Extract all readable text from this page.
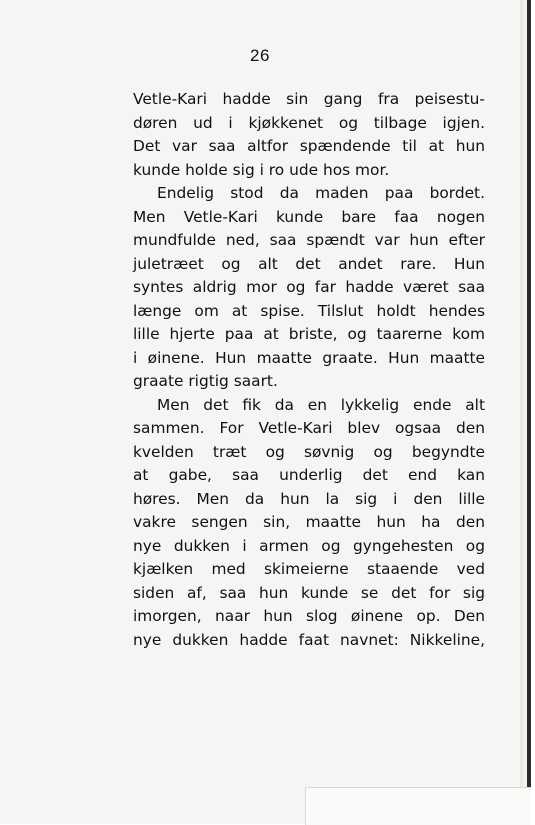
26
Vetle-Kari hadde sin gang fra peisestu-
døren ud i kjøkkenet og tilbage igjen.
Det var saa altfor spændende til at hun
kunde holde sig i ro ude hos mor.
Endelig stod da maden paa bordet.
Men Vetle-Kari kunde bare faa nogen
mundfulde ned, saa spændt var hun efter
juletræet og alt det andet rare. Hun
syntes aldrig mor og far hadde været saa
længe om at spise. Tilslut holdt hendes
lille hjerte paa at briste, og taarerne kom
i øinene. Hun maatte graate. Hun maatte
graate rigtig saart.
Men det fik da en lykkelig ende alt
sammen. For Vetle-Kari blev ogsaa den
kvelden træt og søvnig og begyndte
at gabe, saa underlig det end kan
høres. Men da hun la sig i den lille
vakre sengen sin, maatte hun ha den
nye dukken i armen og gyngehesten og
kjælken med skimeierne staaende ved
siden af, saa hun kunde se det for sig
imorgen, naar hun slog øinene op. Den
nye dukken hadde faat navnet: Nikkeline,
